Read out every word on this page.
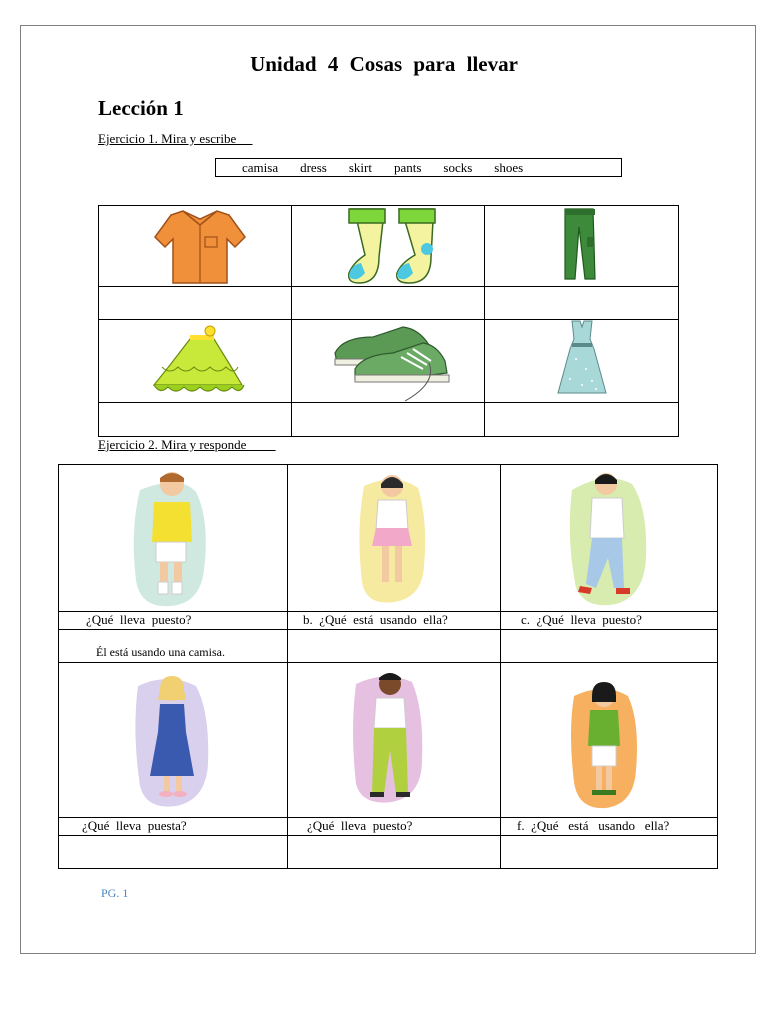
Unidad 4 Cosas para llevar
Lección 1
Ejercicio 1. Mira y escribe
camisa dress skirt pants socks shoes
Ejercicio 2. Mira y responde
¿Qué  lleva  puesto?	b.  ¿Qué  está  usando  ella?	c.  ¿Qué  lleva  puesto?
Él está usando una camisa.
¿Qué  lleva  puesta?	¿Qué  lleva  puesto?	f.  ¿Qué   está   usando   ella?
PG. 1
